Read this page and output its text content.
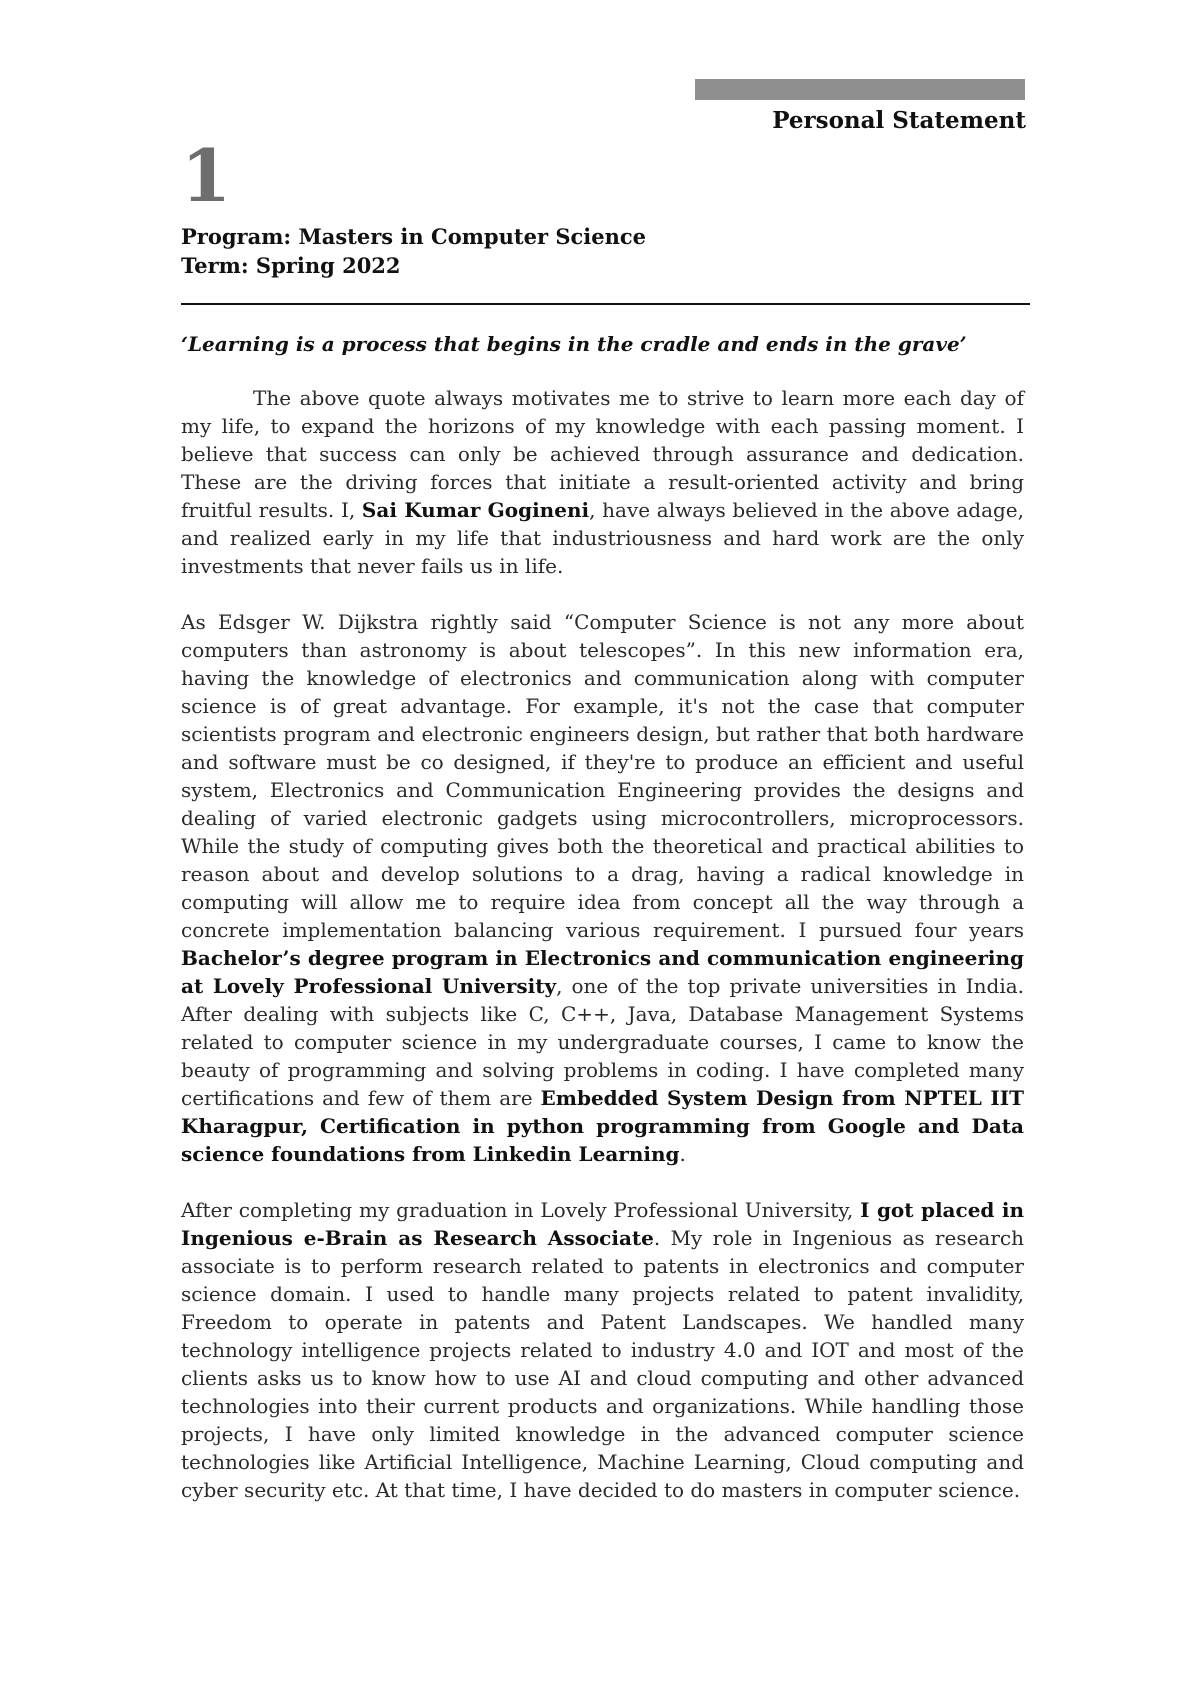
Personal Statement
1
Program: Masters in Computer Science
Term: Spring 2022
‘Learning is a process that begins in the cradle and ends in the grave’

The above quote always motivates me to strive to learn more each day of my life, to expand the horizons of my knowledge with each passing moment. I believe that success can only be achieved through assurance and dedication. These are the driving forces that initiate a result-oriented activity and bring fruitful results. I, Sai Kumar Gogineni, have always believed in the above adage, and realized early in my life that industriousness and hard work are the only investments that never fails us in life.

As Edsger W. Dijkstra rightly said “Computer Science is not any more about computers than astronomy is about telescopes”. In this new information era, having the knowledge of electronics and communication along with computer science is of great advantage. For example, it's not the case that computer scientists program and electronic engineers design, but rather that both hardware and software must be co designed, if they're to produce an efficient and useful system, Electronics and Communication Engineering provides the designs and dealing of varied electronic gadgets using microcontrollers, microprocessors. While the study of computing gives both the theoretical and practical abilities to reason about and develop solutions to a drag, having a radical knowledge in computing will allow me to require idea from concept all the way through a concrete implementation balancing various requirement. I pursued four years Bachelor’s degree program in Electronics and communication engineering at Lovely Professional University, one of the top private universities in India. After dealing with subjects like C, C++, Java, Database Management Systems related to computer science in my undergraduate courses, I came to know the beauty of programming and solving problems in coding. I have completed many certifications and few of them are Embedded System Design from NPTEL IIT Kharagpur, Certification in python programming from Google and Data science foundations from Linkedin Learning.

After completing my graduation in Lovely Professional University, I got placed in Ingenious e-Brain as Research Associate. My role in Ingenious as research associate is to perform research related to patents in electronics and computer science domain. I used to handle many projects related to patent invalidity, Freedom to operate in patents and Patent Landscapes. We handled many technology intelligence projects related to industry 4.0 and IOT and most of the clients asks us to know how to use AI and cloud computing and other advanced technologies into their current products and organizations. While handling those projects, I have only limited knowledge in the advanced computer science technologies like Artificial Intelligence, Machine Learning, Cloud computing and cyber security etc. At that time, I have decided to do masters in computer science.
